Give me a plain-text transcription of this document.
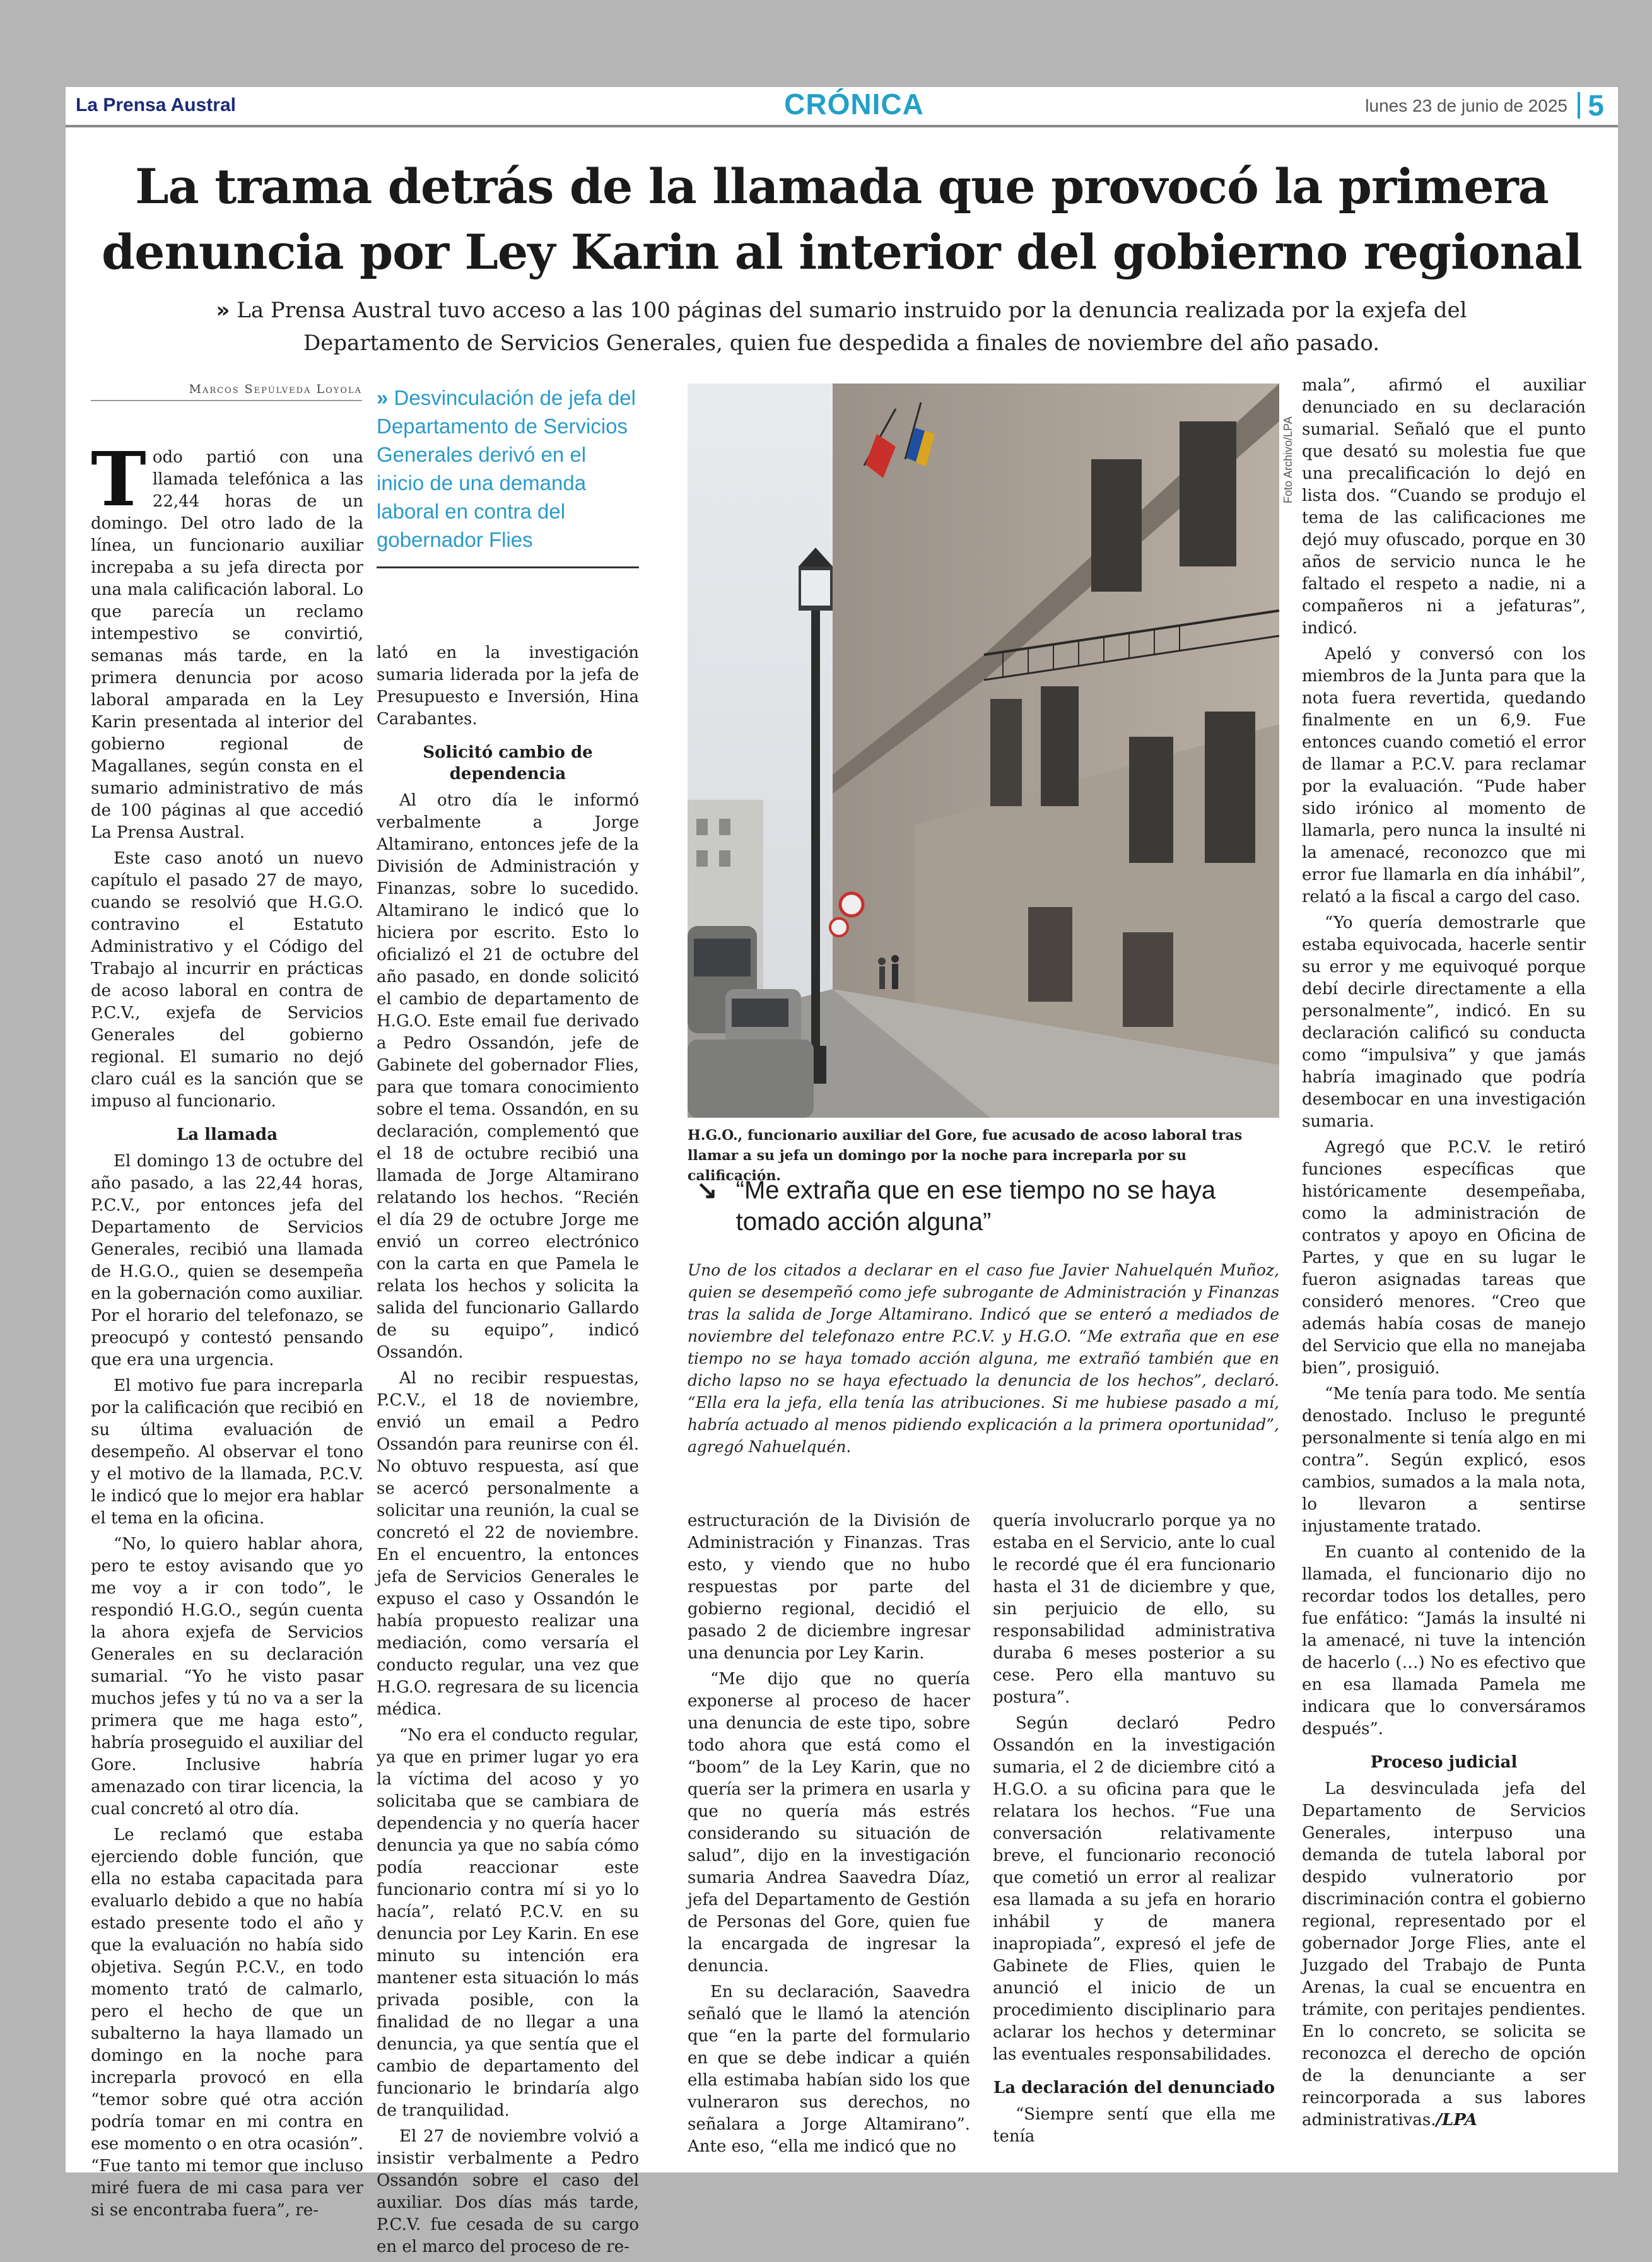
La Prensa Austral	CRÓNICA	lunes 23 de junio de 2025 5
La trama detrás de la llamada que provocó la primera denuncia por Ley Karin al interior del gobierno regional
» La Prensa Austral tuvo acceso a las 100 páginas del sumario instruido por la denuncia realizada por la exjefa del Departamento de Servicios Generales, quien fue despedida a finales de noviembre del año pasado.
Marcos Sepúlveda Loyola

Todo partió con una llamada telefónica a las 22,44 horas de un domingo. Del otro lado de la línea, un funcionario auxiliar increpaba a su jefa directa por una mala calificación laboral. Lo que parecía un reclamo intempestivo se convirtió, semanas más tarde, en la primera denuncia por acoso laboral amparada en la Ley Karin presentada al interior del gobierno regional de Magallanes, según consta en el sumario administrativo de más de 100 páginas al que accedió La Prensa Austral.

Este caso anotó un nuevo capítulo el pasado 27 de mayo, cuando se resolvió que H.G.O. contravino el Estatuto Administrativo y el Código del Trabajo al incurrir en prácticas de acoso laboral en contra de P.C.V., exjefa de Servicios Generales del gobierno regional. El sumario no dejó claro cuál es la sanción que se impuso al funcionario.

La llamada

El domingo 13 de octubre del año pasado, a las 22,44 horas, P.C.V., por entonces jefa del Departamento de Servicios Generales, recibió una llamada de H.G.O., quien se desempeña en la gobernación como auxiliar. Por el horario del telefonazo, se preocupó y contestó pensando que era una urgencia.

El motivo fue para increparla por la calificación que recibió en su última evaluación de desempeño. Al observar el tono y el motivo de la llamada, P.C.V. le indicó que lo mejor era hablar el tema en la oficina.

“No, lo quiero hablar ahora, pero te estoy avisando que yo me voy a ir con todo”, le respondió H.G.O., según cuenta la ahora exjefa de Servicios Generales en su declaración sumarial. “Yo he visto pasar muchos jefes y tú no va a ser la primera que me haga esto”, habría proseguido el auxiliar del Gore. Inclusive habría amenazado con tirar licencia, la cual concretó al otro día.

Le reclamó que estaba ejerciendo doble función, que ella no estaba capacitada para evaluarlo debido a que no había estado presente todo el año y que la evaluación no había sido objetiva. Según P.C.V., en todo momento trató de calmarlo, pero el hecho de que un subalterno la haya llamado un domingo en la noche para increparla provocó en ella “temor sobre qué otra acción podría tomar en mi contra en ese momento o en otra ocasión”. “Fue tanto mi temor que incluso miré fuera de mi casa para ver si se encontraba fuera”, re-

» Desvinculación de jefa del Departamento de Servicios Generales derivó en el inicio de una demanda laboral en contra del gobernador Flies

lató en la investigación sumaria liderada por la jefa de Presupuesto e Inversión, Hina Carabantes.

Solicitó cambio de dependencia

Al otro día le informó verbalmente a Jorge Altamirano, entonces jefe de la División de Administración y Finanzas, sobre lo sucedido. Altamirano le indicó que lo hiciera por escrito. Esto lo oficializó el 21 de octubre del año pasado, en donde solicitó el cambio de departamento de H.G.O. Este email fue derivado a Pedro Ossandón, jefe de Gabinete del gobernador Flies, para que tomara conocimiento sobre el tema. Ossandón, en su declaración, complementó que el 18 de octubre recibió una llamada de Jorge Altamirano relatando los hechos. “Recién el día 29 de octubre Jorge me envió un correo electrónico con la carta en que Pamela le relata los hechos y solicita la salida del funcionario Gallardo de su equipo”, indicó Ossandón.

Al no recibir respuestas, P.C.V., el 18 de noviembre, envió un email a Pedro Ossandón para reunirse con él. No obtuvo respuesta, así que se acercó personalmente a solicitar una reunión, la cual se concretó el 22 de noviembre. En el encuentro, la entonces jefa de Servicios Generales le expuso el caso y Ossandón le había propuesto realizar una mediación, como versaría el conducto regular, una vez que H.G.O. regresara de su licencia médica.

“No era el conducto regular, ya que en primer lugar yo era la víctima del acoso y yo solicitaba que se cambiara de dependencia y no quería hacer denuncia ya que no sabía cómo podía reaccionar este funcionario contra mí si yo lo hacía”, relató P.C.V. en su denuncia por Ley Karin. En ese minuto su intención era mantener esta situación lo más privada posible, con la finalidad de no llegar a una denuncia, ya que sentía que el cambio de departamento del funcionario le brindaría algo de tranquilidad.

El 27 de noviembre volvió a insistir verbalmente a Pedro Ossandón sobre el caso del auxiliar. Dos días más tarde, P.C.V. fue cesada de su cargo en el marco del proceso de re-

Foto Archivo/LPA
H.G.O., funcionario auxiliar del Gore, fue acusado de acoso laboral tras llamar a su jefa un domingo por la noche para increparla por su calificación.
↘ “Me extraña que en ese tiempo no se haya tomado acción alguna”
Uno de los citados a declarar en el caso fue Javier Nahuelquén Muñoz, quien se desempeñó como jefe subrogante de Administración y Finanzas tras la salida de Jorge Altamirano. Indicó que se enteró a mediados de noviembre del telefonazo entre P.C.V. y H.G.O. “Me extraña que en ese tiempo no se haya tomado acción alguna, me extrañó también que en dicho lapso no se haya efectuado la denuncia de los hechos”, declaró. “Ella era la jefa, ella tenía las atribuciones. Si me hubiese pasado a mí, habría actuado al menos pidiendo explicación a la primera oportunidad”, agregó Nahuelquén.

estructuración de la División de Administración y Finanzas. Tras esto, y viendo que no hubo respuestas por parte del gobierno regional, decidió el pasado 2 de diciembre ingresar una denuncia por Ley Karin.

“Me dijo que no quería exponerse al proceso de hacer una denuncia de este tipo, sobre todo ahora que está como el “boom” de la Ley Karin, que no quería ser la primera en usarla y que no quería más estrés considerando su situación de salud”, dijo en la investigación sumaria Andrea Saavedra Díaz, jefa del Departamento de Gestión de Personas del Gore, quien fue la encargada de ingresar la denuncia.

En su declaración, Saavedra señaló que le llamó la atención que “en la parte del formulario en que se debe indicar a quién ella estimaba habían sido los que vulneraron sus derechos, no señalara a Jorge Altamirano”. Ante eso, “ella me indicó que no

quería involucrarlo porque ya no estaba en el Servicio, ante lo cual le recordé que él era funcionario hasta el 31 de diciembre y que, sin perjuicio de ello, su responsabilidad administrativa duraba 6 meses posterior a su cese. Pero ella mantuvo su postura”.

Según declaró Pedro Ossandón en la investigación sumaria, el 2 de diciembre citó a H.G.O. a su oficina para que le relatara los hechos. “Fue una conversación relativamente breve, el funcionario reconoció que cometió un error al realizar esa llamada a su jefa en horario inhábil y de manera inapropiada”, expresó el jefe de Gabinete de Flies, quien le anunció el inicio de un procedimiento disciplinario para aclarar los hechos y determinar las eventuales responsabilidades.

La declaración del denunciado

“Siempre sentí que ella me tenía

mala”, afirmó el auxiliar denunciado en su declaración sumarial. Señaló que el punto que desató su molestia fue que una precalificación lo dejó en lista dos. “Cuando se produjo el tema de las calificaciones me dejó muy ofuscado, porque en 30 años de servicio nunca le he faltado el respeto a nadie, ni a compañeros ni a jefaturas”, indicó.

Apeló y conversó con los miembros de la Junta para que la nota fuera revertida, quedando finalmente en un 6,9. Fue entonces cuando cometió el error de llamar a P.C.V. para reclamar por la evaluación. “Pude haber sido irónico al momento de llamarla, pero nunca la insulté ni la amenacé, reconozco que mi error fue llamarla en día inhábil”, relató a la fiscal a cargo del caso.

“Yo quería demostrarle que estaba equivocada, hacerle sentir su error y me equivoqué porque debí decirle directamente a ella personalmente”, indicó. En su declaración calificó su conducta como “impulsiva” y que jamás habría imaginado que podría desembocar en una investigación sumaria.

Agregó que P.C.V. le retiró funciones específicas que históricamente desempeñaba, como la administración de contratos y apoyo en Oficina de Partes, y que en su lugar le fueron asignadas tareas que consideró menores. “Creo que además había cosas de manejo del Servicio que ella no manejaba bien”, prosiguió.

“Me tenía para todo. Me sentía denostado. Incluso le pregunté personalmente si tenía algo en mi contra”. Según explicó, esos cambios, sumados a la mala nota, lo llevaron a sentirse injustamente tratado.

En cuanto al contenido de la llamada, el funcionario dijo no recordar todos los detalles, pero fue enfático: “Jamás la insulté ni la amenacé, ni tuve la intención de hacerlo (…) No es efectivo que en esa llamada Pamela me indicara que lo conversáramos después”.

Proceso judicial

La desvinculada jefa del Departamento de Servicios Generales, interpuso una demanda de tutela laboral por despido vulneratorio por discriminación contra el gobierno regional, representado por el gobernador Jorge Flies, ante el Juzgado del Trabajo de Punta Arenas, la cual se encuentra en trámite, con peritajes pendientes. En lo concreto, se solicita se reconozca el derecho de opción de la denunciante a ser reincorporada a sus labores administrativas./LPA
